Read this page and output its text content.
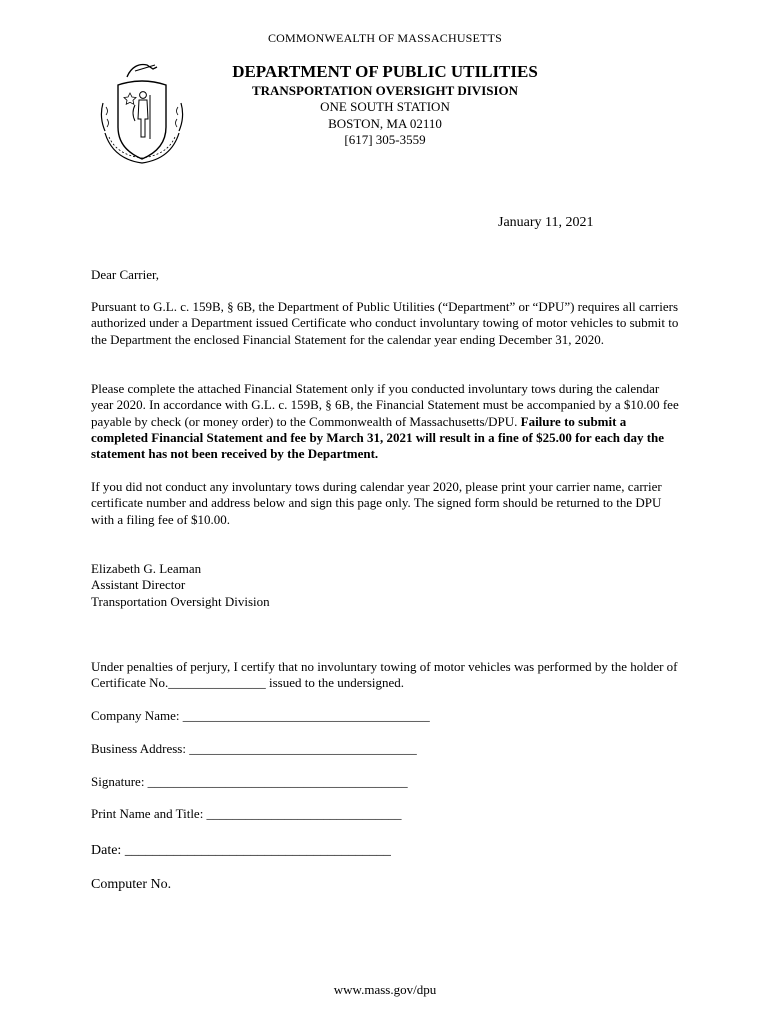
COMMONWEALTH OF MASSACHUSETTS
DEPARTMENT OF PUBLIC UTILITIES
TRANSPORTATION OVERSIGHT DIVISION
ONE SOUTH STATION
BOSTON, MA 02110
[617] 305-3559
January 11, 2021
Dear Carrier,

Pursuant to G.L. c. 159B, § 6B, the Department of Public Utilities (“Department” or “DPU”) requires all carriers authorized under a Department issued Certificate who conduct involuntary towing of motor vehicles to submit to the Department the enclosed Financial Statement for the calendar year ending December 31, 2020.

Please complete the attached Financial Statement only if you conducted involuntary tows during the calendar year 2020. In accordance with G.L. c. 159B, § 6B, the Financial Statement must be accompanied by a $10.00 fee payable by check (or money order) to the Commonwealth of Massachusetts/DPU. Failure to submit a completed Financial Statement and fee by March 31, 2021 will result in a fine of $25.00 for each day the statement has not been received by the Department.

If you did not conduct any involuntary tows during calendar year 2020, please print your carrier name, carrier certificate number and address below and sign this page only. The signed form should be returned to the DPU with a filing fee of $10.00.

Elizabeth G. Leaman
Assistant Director
Transportation Oversight Division
Under penalties of perjury, I certify that no involuntary towing of motor vehicles was performed by the holder of Certificate No._______________ issued to the undersigned.
Company Name: ______________________________________
Business Address: ___________________________________
Signature: ________________________________________
Print Name and Title: ______________________________
Date: ______________________________________
Computer No.
www.mass.gov/dpu
